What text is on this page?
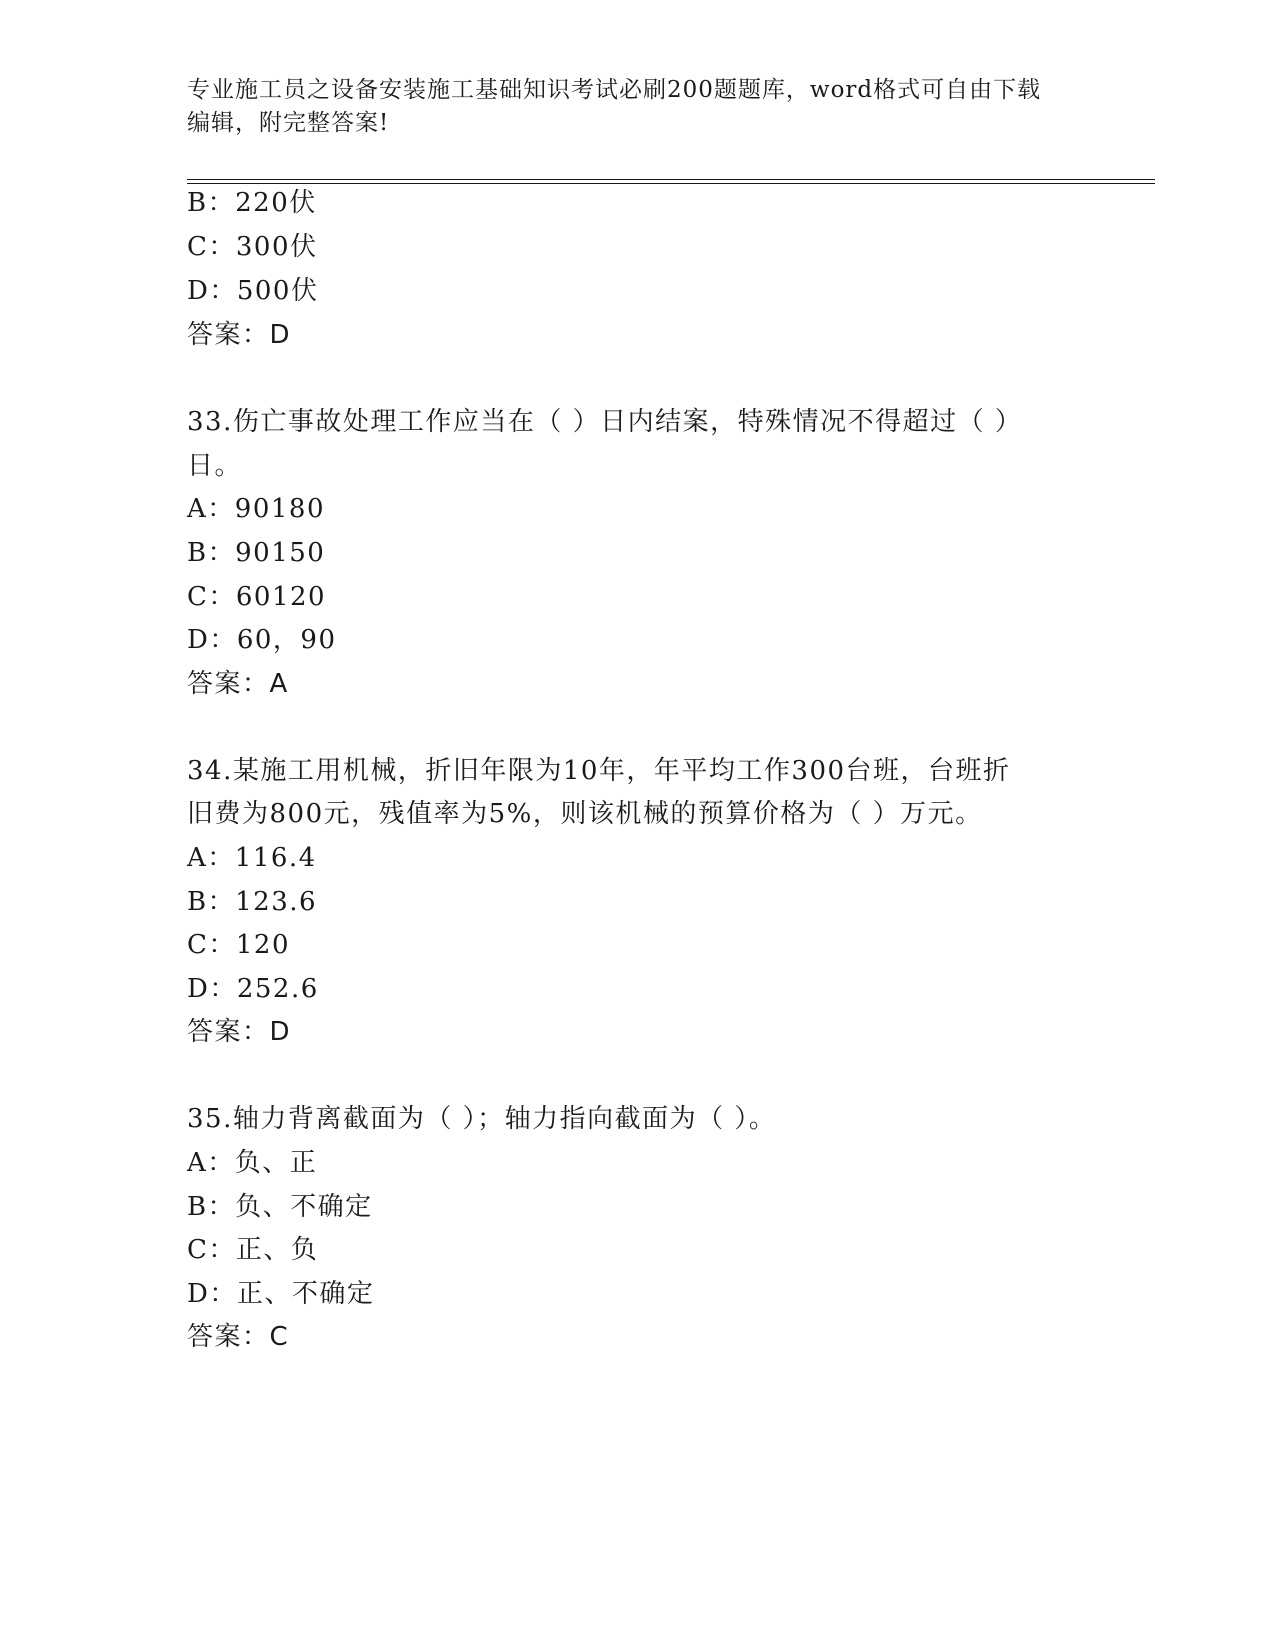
专业施工员之设备安装施工基础知识考试必刷200题题库，word格式可自由下载
编辑，附完整答案!
B：220伏
C：300伏
D：500伏
答案：D
33.伤亡事故处理工作应当在（ ）日内结案，特殊情况不得超过（ ）
日。
A：90180
B：90150
C：60120
D：60，90
答案：A
34.某施工用机械，折旧年限为10年，年平均工作300台班，台班折
旧费为800元，残值率为5%，则该机械的预算价格为（ ）万元。
A：116.4
B：123.6
C：120
D：252.6
答案：D
35.轴力背离截面为（ ）；轴力指向截面为（ ）。
A：负、正
B：负、不确定
C：正、负
D：正、不确定
答案：C
